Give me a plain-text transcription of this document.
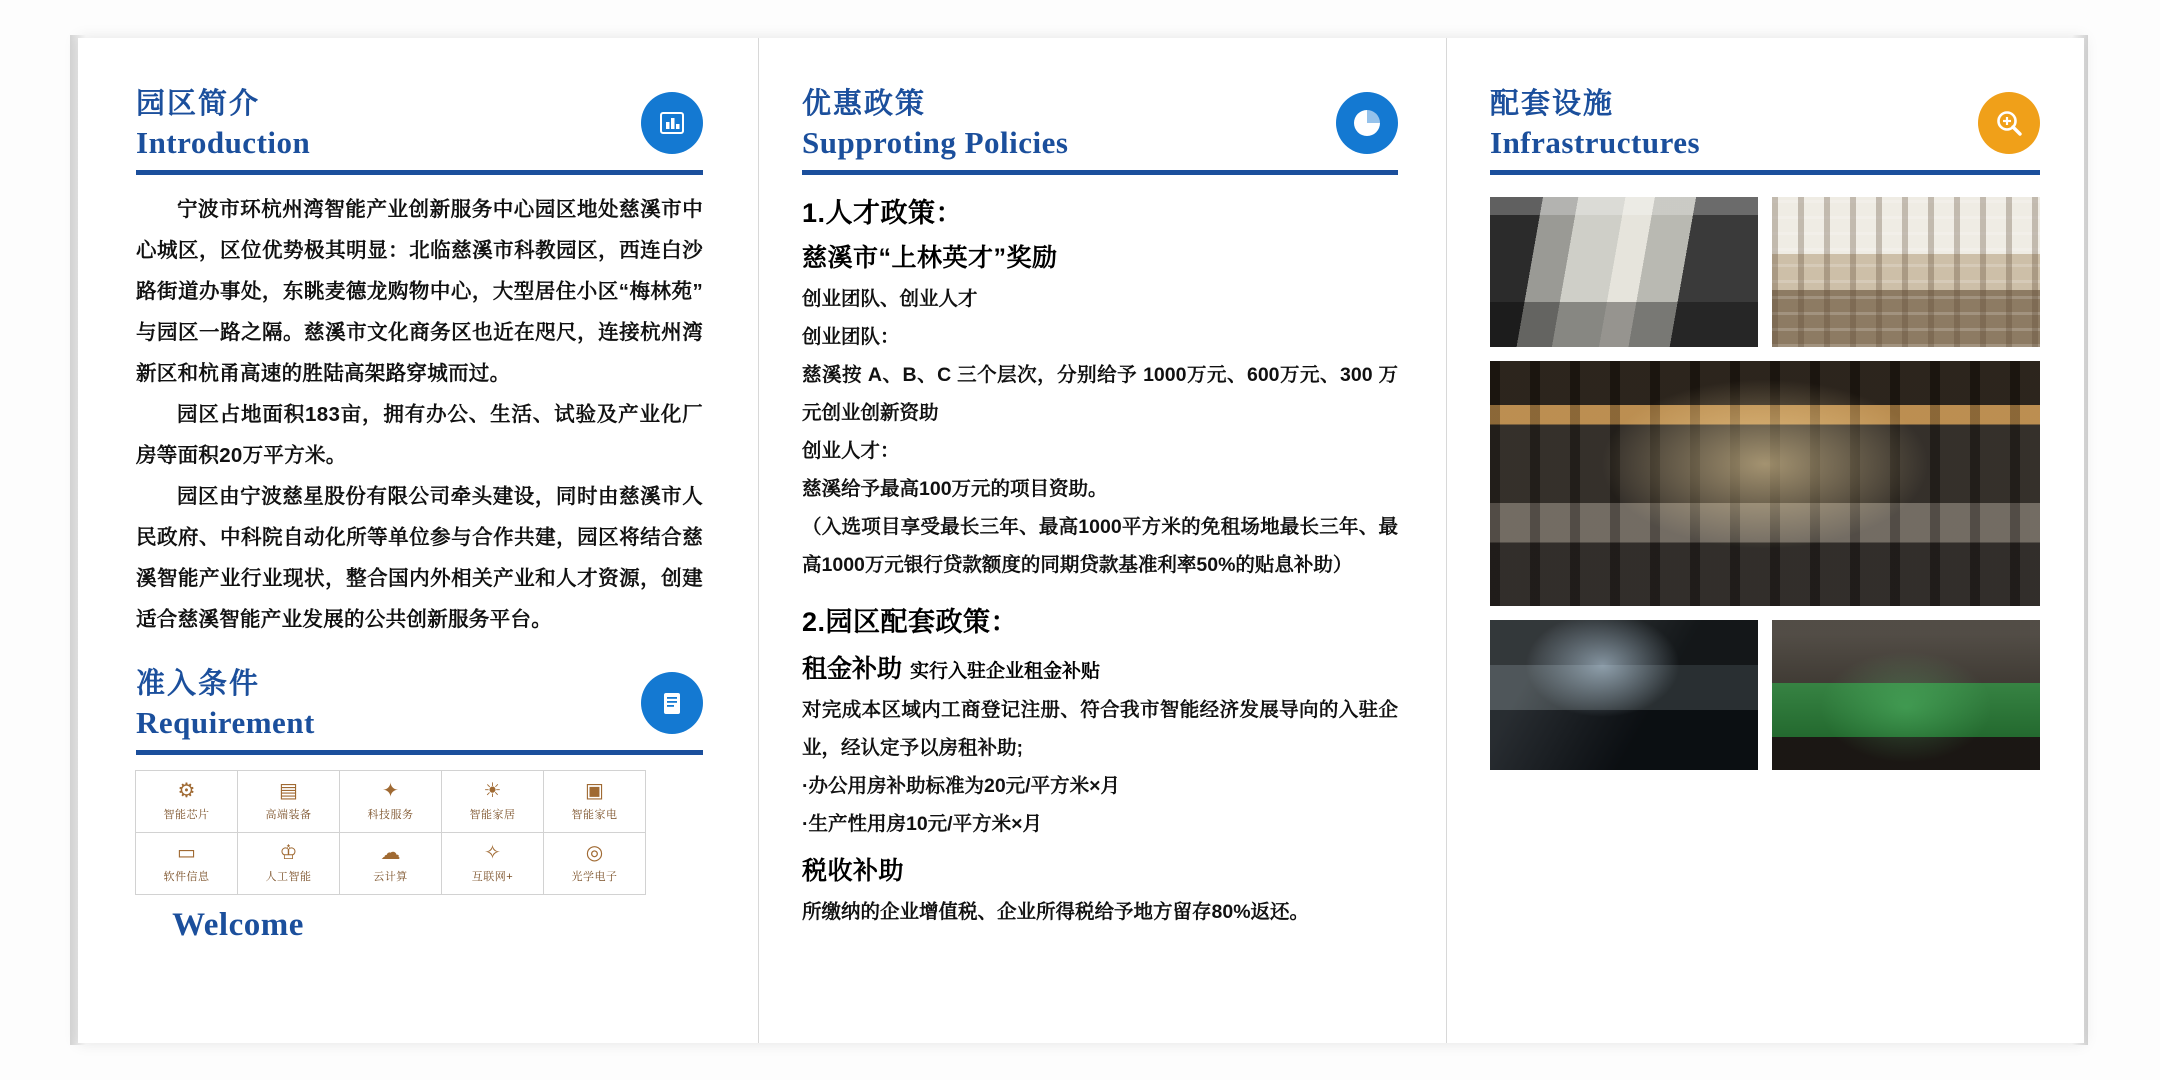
园区简介
Introduction

宁波市环杭州湾智能产业创新服务中心园区地处慈溪市中心城区，区位优势极其明显：北临慈溪市科教园区，西连白沙路街道办事处，东眺麦德龙购物中心，大型居住小区“梅林苑”与园区一路之隔。慈溪市文化商务区也近在咫尺，连接杭州湾新区和杭甬高速的胜陆高架路穿城而过。

园区占地面积183亩，拥有办公、生活、试验及产业化厂房等面积20万平方米。

园区由宁波慈星股份有限公司牵头建设，同时由慈溪市人民政府、中科院自动化所等单位参与合作共建，园区将结合慈溪智能产业行业现状，整合国内外相关产业和人才资源，创建适合慈溪智能产业发展的公共创新服务平台。

准入条件
Requirement
⚙
智能芯片
▤
高端装备
✦
科技服务
☀
智能家居
▣
智能家电
▭
软件信息
♔
人工智能
☁
云计算
✧
互联网+
◎
光学电子
Welcome
优惠政策
Supproting Policies
1.人才政策：
慈溪市“上林英才”奖励
创业团队、创业人才
创业团队：
慈溪按 A、B、C 三个层次，分别给予 1000万元、600万元、300 万元创业创新资助
创业人才：
慈溪给予最高100万元的项目资助。
（入选项目享受最长三年、最高1000平方米的免租场地最长三年、最高1000万元银行贷款额度的同期贷款基准利率50%的贴息补助）
2.园区配套政策：
租金补助 实行入驻企业租金补贴
对完成本区域内工商登记注册、符合我市智能经济发展导向的入驻企业，经认定予以房租补助;
·办公用房补助标准为20元/平方米×月
·生产性用房10元/平方米×月
税收补助
所缴纳的企业增值税、企业所得税给予地方留存80%返还。
配套设施
Infrastructures
